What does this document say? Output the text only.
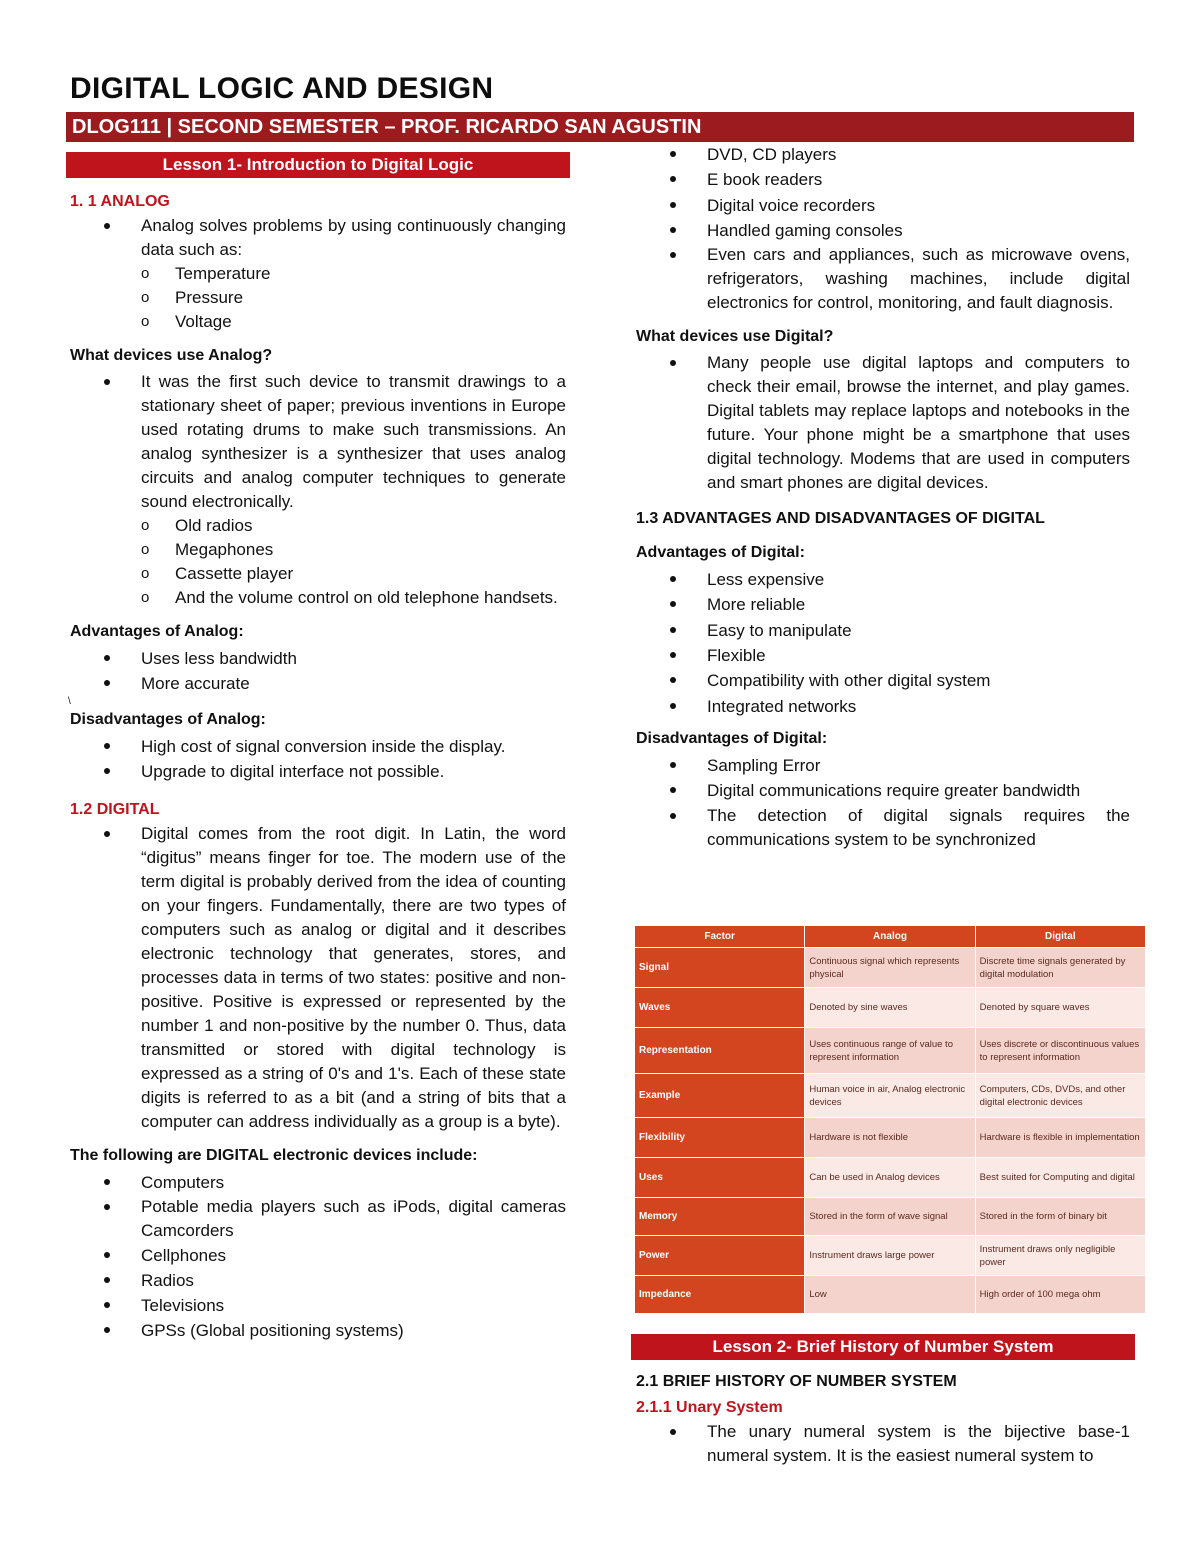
DIGITAL LOGIC AND DESIGN
DLOG111 | SECOND SEMESTER – PROF. RICARDO SAN AGUSTIN
Lesson 1- Introduction to Digital Logic
1. 1 ANALOG
Analog solves problems by using continuously changing data such as:
o Temperature
o Pressure
o Voltage
What devices use Analog?
It was the first such device to transmit drawings to a stationary sheet of paper; previous inventions in Europe used rotating drums to make such transmissions. An analog synthesizer is a synthesizer that uses analog circuits and analog computer techniques to generate sound electronically.
o Old radios
o Megaphones
o Cassette player
o And the volume control on old telephone handsets.
Advantages of Analog:
Uses less bandwidth
More accurate
\
Disadvantages of Analog:
High cost of signal conversion inside the display.
Upgrade to digital interface not possible.
1.2 DIGITAL
Digital comes from the root digit. In Latin, the word “digitus” means finger for toe. The modern use of the term digital is probably derived from the idea of counting on your fingers. Fundamentally, there are two types of computers such as analog or digital and it describes electronic technology that generates, stores, and processes data in terms of two states: positive and non-positive. Positive is expressed or represented by the number 1 and non-positive by the number 0. Thus, data transmitted or stored with digital technology is expressed as a string of 0's and 1's. Each of these state digits is referred to as a bit (and a string of bits that a computer can address individually as a group is a byte).
The following are DIGITAL electronic devices include:
Computers
Potable media players such as iPods, digital cameras Camcorders
Cellphones
Radios
Televisions
GPSs (Global positioning systems)
DVD, CD players
E book readers
Digital voice recorders
Handled gaming consoles
Even cars and appliances, such as microwave ovens, refrigerators, washing machines, include digital electronics for control, monitoring, and fault diagnosis.
What devices use Digital?
Many people use digital laptops and computers to check their email, browse the internet, and play games. Digital tablets may replace laptops and notebooks in the future. Your phone might be a smartphone that uses digital technology. Modems that are used in computers and smart phones are digital devices.
1.3 ADVANTAGES AND DISADVANTAGES OF DIGITAL
Advantages of Digital:
Less expensive
More reliable
Easy to manipulate
Flexible
Compatibility with other digital system
Integrated networks
Disadvantages of Digital:
Sampling Error
Digital communications require greater bandwidth
The detection of digital signals requires the communications system to be synchronized
Factor	Analog	Digital
Signal	Continuous signal which represents physical	Discrete time signals generated by digital modulation
Waves	Denoted by sine waves	Denoted by square waves
Representation	Uses continuous range of value to represent information	Uses discrete or discontinuous values to represent information
Example	Human voice in air, Analog electronic devices	Computers, CDs, DVDs, and other digital electronic devices
Flexibility	Hardware is not flexible	Hardware is flexible in implementation
Uses	Can be used in Analog devices	Best suited for Computing and digital
Memory	Stored in the form of wave signal	Stored in the form of binary bit
Power	Instrument draws large power	Instrument draws only negligible power
Impedance	Low	High order of 100 mega ohm
Lesson 2- Brief History of Number System
2.1 BRIEF HISTORY OF NUMBER SYSTEM
2.1.1 Unary System
The unary numeral system is the bijective base-1 numeral system. It is the easiest numeral system to
